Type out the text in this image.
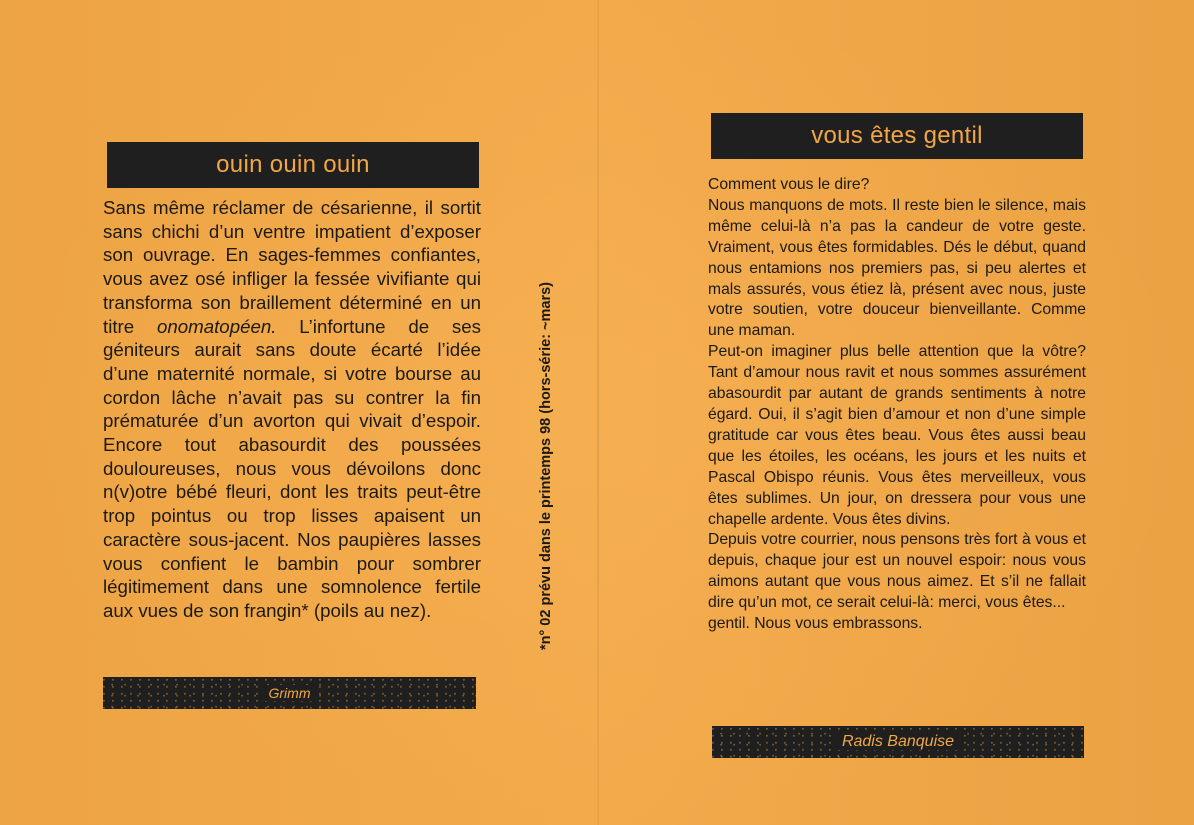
ouin ouin ouin

Sans même réclamer de césarienne, il sortit sans chichi d’un ventre impatient d’exposer son ouvrage. En sages-femmes confiantes, vous avez osé infliger la fessée vivifiante qui transforma son braillement déterminé en un titre onomatopéen. L’infortune de ses géniteurs aurait sans doute écarté l’idée d’une maternité normale, si votre bourse au cordon lâche n’avait pas su contrer la fin prématurée d’un avorton qui vivait d’espoir. Encore tout abasourdit des poussées douloureuses, nous vous dévoilons donc n(v)otre bébé fleuri, dont les traits peut-être trop pointus ou trop lisses apaisent un caractère sous-jacent. Nos paupières lasses vous confient le bambin pour sombrer légitimement dans une somnolence fertile aux vues de son frangin* (poils au nez).

Grimm
*n° 02 prévu dans le printemps 98 (hors-série: ~mars)
vous êtes gentil

Comment vous le dire?

Nous manquons de mots. Il reste bien le silence, mais même celui-là n’a pas la candeur de votre geste. Vraiment, vous êtes formidables. Dés le début, quand nous entamions nos premiers pas, si peu alertes et mals assurés, vous étiez là, présent avec nous, juste votre soutien, votre douceur bienveillante. Comme une maman.

Peut-on imaginer plus belle attention que la vôtre? Tant d’amour nous ravit et nous sommes assurément abasourdit par autant de grands sentiments à notre égard. Oui, il s’agit bien d’amour et non d’une simple gratitude car vous êtes beau. Vous êtes aussi beau que les étoiles, les océans, les jours et les nuits et Pascal Obispo réunis. Vous êtes merveilleux, vous êtes sublimes. Un jour, on dressera pour vous une chapelle ardente. Vous êtes divins.

Depuis votre courrier, nous pensons très fort à vous et depuis, chaque jour est un nouvel espoir: nous vous aimons autant que vous nous aimez. Et s’il ne fallait dire qu’un mot, ce serait celui-là: merci, vous êtes...

gentil. Nous vous embrassons.

Radis Banquise
